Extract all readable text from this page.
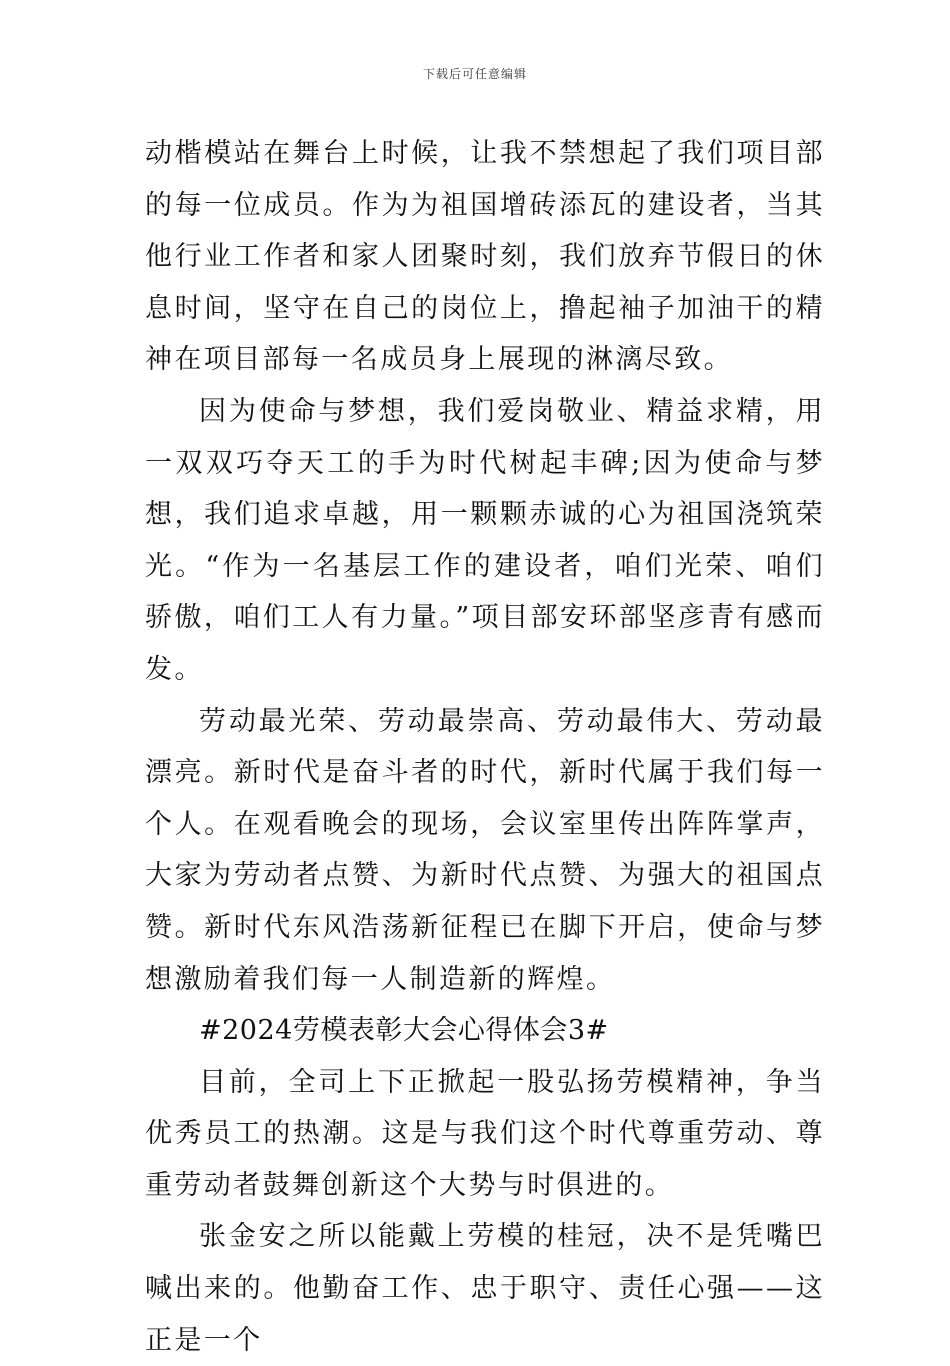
下载后可任意编辑

动楷模站在舞台上时候，让我不禁想起了我们项目部的每一位成员。作为为祖国增砖添瓦的建设者，当其他行业工作者和家人团聚时刻，我们放弃节假日的休息时间，坚守在自己的岗位上，撸起袖子加油干的精神在项目部每一名成员身上展现的淋漓尽致。

因为使命与梦想，我们爱岗敬业、精益求精，用一双双巧夺天工的手为时代树起丰碑;因为使命与梦想，我们追求卓越，用一颗颗赤诚的心为祖国浇筑荣光。“作为一名基层工作的建设者，咱们光荣、咱们骄傲，咱们工人有力量。”项目部安环部坚彦青有感而发。

劳动最光荣、劳动最崇高、劳动最伟大、劳动最漂亮。新时代是奋斗者的时代，新时代属于我们每一个人。在观看晚会的现场，会议室里传出阵阵掌声，大家为劳动者点赞、为新时代点赞、为强大的祖国点赞。新时代东风浩荡新征程已在脚下开启，使命与梦想激励着我们每一人制造新的辉煌。

#2024劳模表彰大会心得体会3#

目前，全司上下正掀起一股弘扬劳模精神，争当优秀员工的热潮。这是与我们这个时代尊重劳动、尊重劳动者鼓舞创新这个大势与时俱进的。

张金安之所以能戴上劳模的桂冠，决不是凭嘴巴喊出来的。他勤奋工作、忠于职守、责任心强——这正是一个
